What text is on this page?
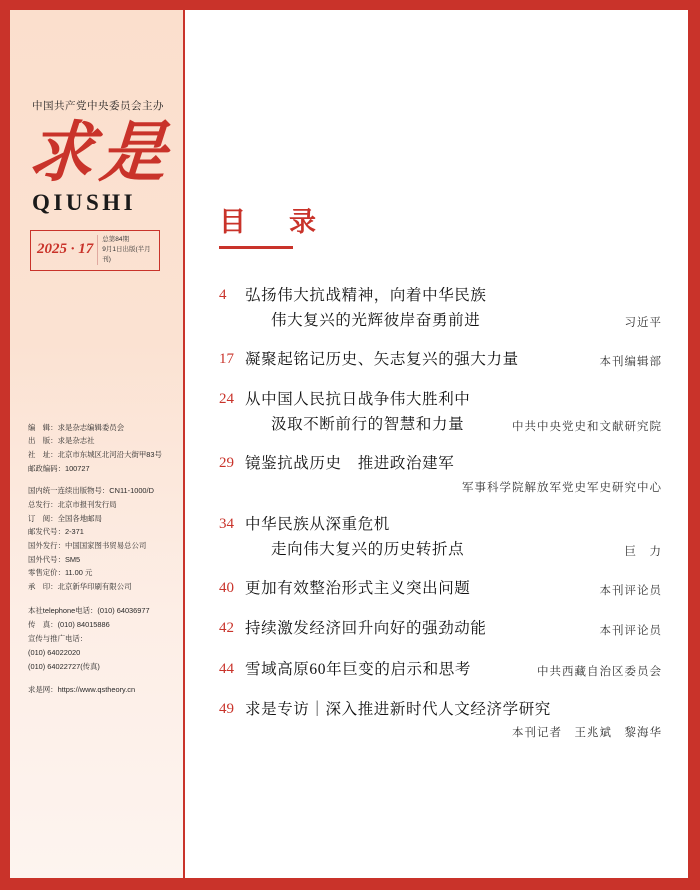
中国共产党中央委员会主办
求是
QIUSHI
2025 · 17
总第84期
9月1日出版(半月刊)
编　辑：求是杂志编辑委员会
出　版：求是杂志社
社　址：北京市东城区北河沿大街甲83号
邮政编码：100727
国内统一连续出版物号：CN11-1000/D
总发行：北京市报刊发行局
订　阅：全国各地邮局
邮发代号：2-371
国外发行：中国国家图书贸易总公司
国外代号：SM5
零售定价：11.00 元
承　印：北京新华印刷有限公司
本社telephone电话：(010) 64036977
传　真：(010) 84015886
宣传与推广电话：
(010) 64022020
(010) 64022727(传真)
求是网：https://www.qstheory.cn
目　录
4	弘扬伟大抗战精神，向着中华民族
伟大复兴的光辉彼岸奋勇前进	习近平
17 凝聚起铭记历史、矢志复兴的强大力量	本刊编辑部
24 从中国人民抗日战争伟大胜利中
汲取不断前行的智慧和力量	中共中央党史和文献研究院
29 镜鉴抗战历史　推进政治建军
军事科学院解放军党史军史研究中心
34 中华民族从深重危机
走向伟大复兴的历史转折点	巨　力
40 更加有效整治形式主义突出问题	本刊评论员
42 持续激发经济回升向好的强劲动能	本刊评论员
44 雪域高原60年巨变的启示和思考	中共西藏自治区委员会
49 求是专访｜深入推进新时代人文经济学研究
本刊记者　王兆斌　黎海华
